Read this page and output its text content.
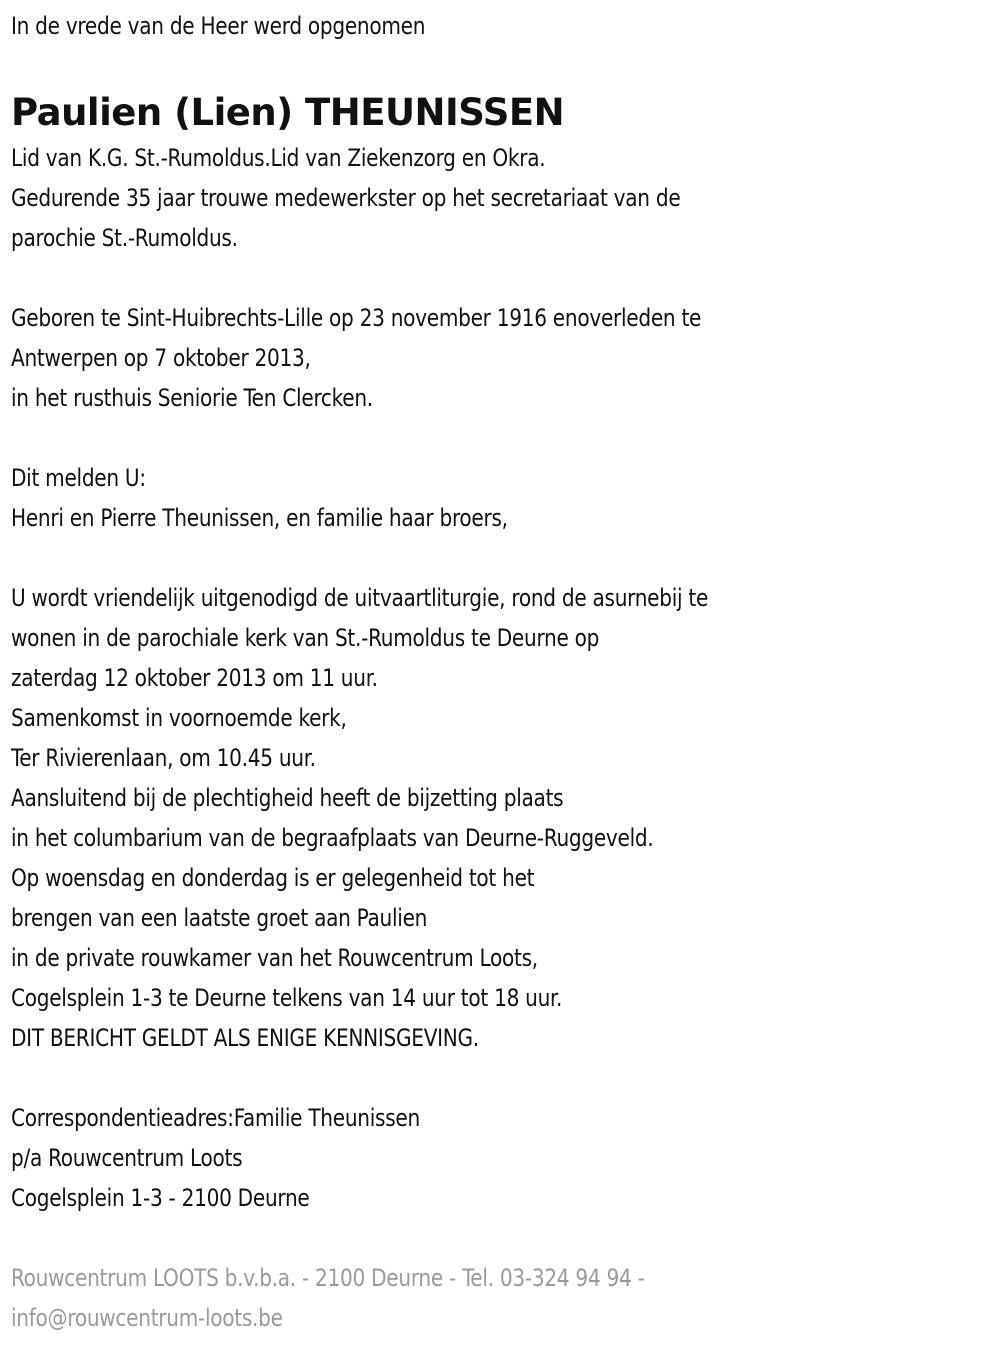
In de vrede van de Heer werd opgenomen
Paulien (Lien) THEUNISSEN
Lid van K.G. St.-Rumoldus.Lid van Ziekenzorg en Okra.
Gedurende 35 jaar trouwe medewerkster op het secretariaat van de
parochie St.-Rumoldus.
Geboren te Sint-Huibrechts-Lille op 23 november 1916 enoverleden te
Antwerpen op 7 oktober 2013,
in het rusthuis Seniorie Ten Clercken.
Dit melden U:
Henri en Pierre Theunissen, en familie haar broers,
U wordt vriendelijk uitgenodigd de uitvaartliturgie, rond de asurnebij te
wonen in de parochiale kerk van St.-Rumoldus te Deurne op
zaterdag 12 oktober 2013 om 11 uur.
Samenkomst in voornoemde kerk,
Ter Rivierenlaan, om 10.45 uur.
Aansluitend bij de plechtigheid heeft de bijzetting plaats
in het columbarium van de begraafplaats van Deurne-Ruggeveld.
Op woensdag en donderdag is er gelegenheid tot het
brengen van een laatste groet aan Paulien
in de private rouwkamer van het Rouwcentrum Loots,
Cogelsplein 1-3 te Deurne telkens van 14 uur tot 18 uur.
DIT BERICHT GELDT ALS ENIGE KENNISGEVING.
Correspondentieadres:Familie Theunissen
p/a Rouwcentrum Loots
Cogelsplein 1-3 - 2100 Deurne
Rouwcentrum LOOTS b.v.b.a. - 2100 Deurne - Tel. 03-324 94 94 -
info@rouwcentrum-loots.be
